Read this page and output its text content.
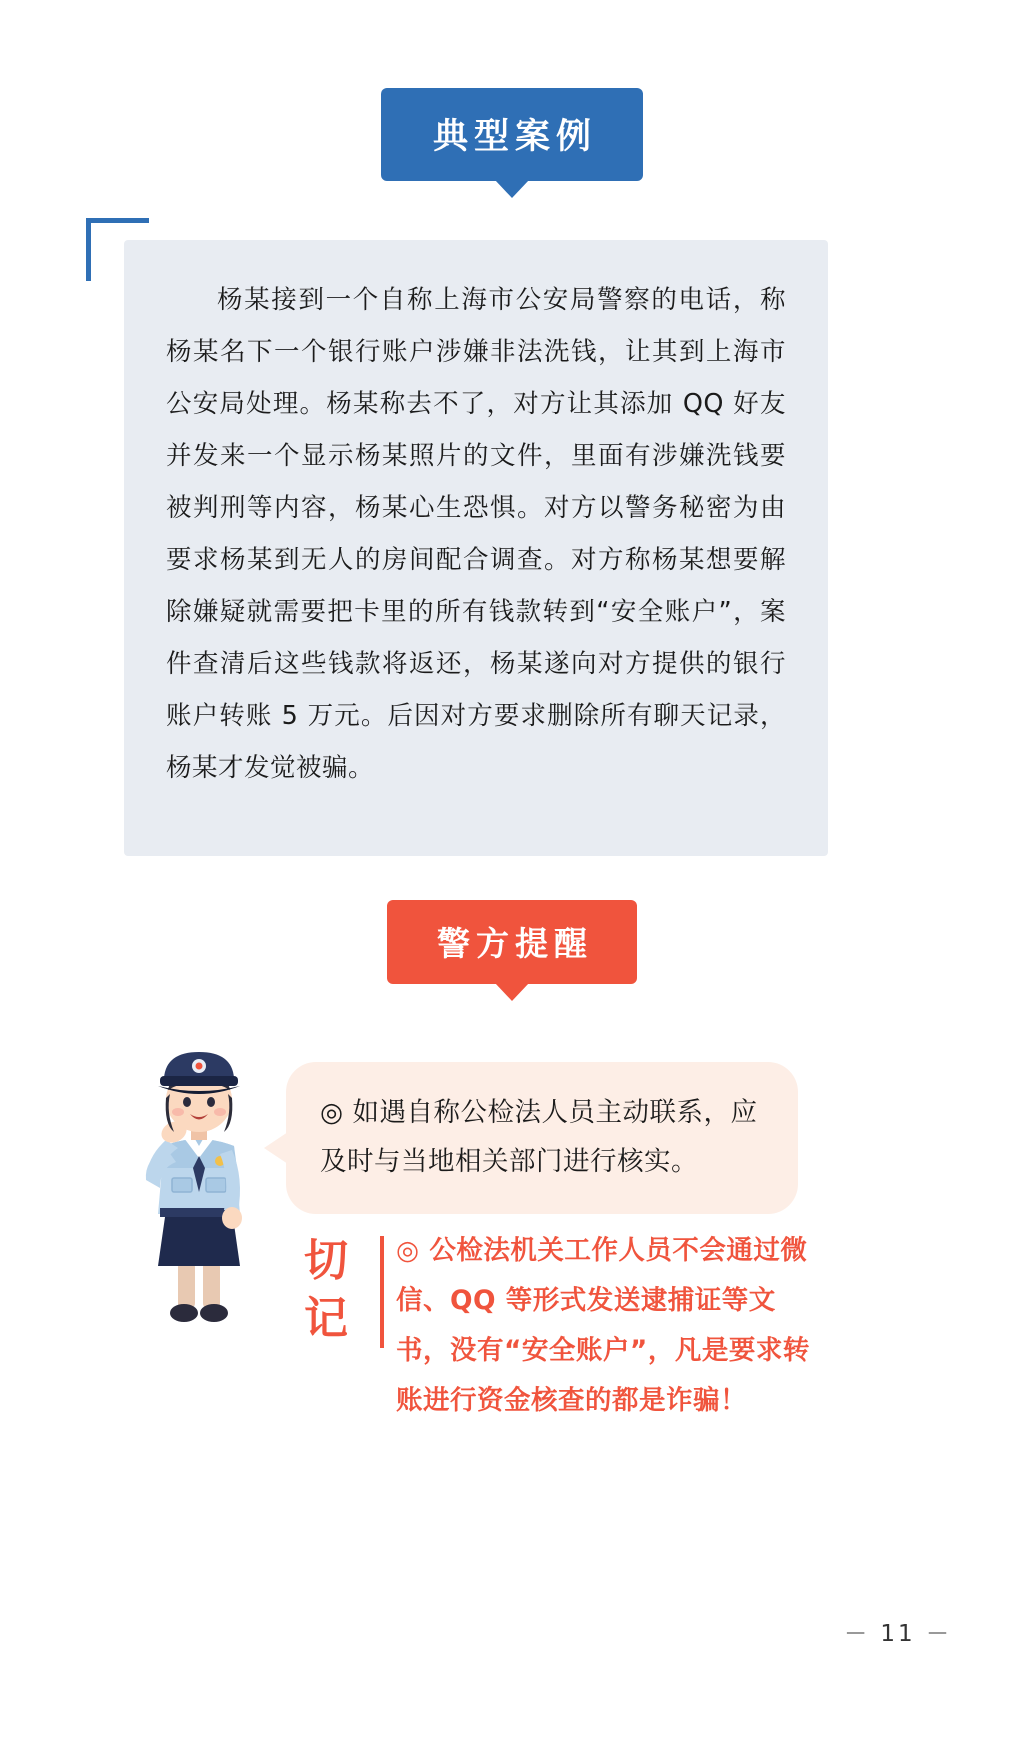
典型案例
杨某接到一个自称上海市公安局警察的电话，称杨某名下一个银行账户涉嫌非法洗钱，让其到上海市公安局处理。杨某称去不了，对方让其添加 QQ 好友并发来一个显示杨某照片的文件，里面有涉嫌洗钱要被判刑等内容，杨某心生恐惧。对方以警务秘密为由要求杨某到无人的房间配合调查。对方称杨某想要解除嫌疑就需要把卡里的所有钱款转到“安全账户”，案件查清后这些钱款将返还，杨某遂向对方提供的银行账户转账 5 万元。后因对方要求删除所有聊天记录，杨某才发觉被骗。
警方提醒
◎ 如遇自称公检法人员主动联系，应及时与当地相关部门进行核实。
切记
◎ 公检法机关工作人员不会通过微信、QQ 等形式发送逮捕证等文书，没有“安全账户”，凡是要求转账进行资金核查的都是诈骗！
－ 11 －
